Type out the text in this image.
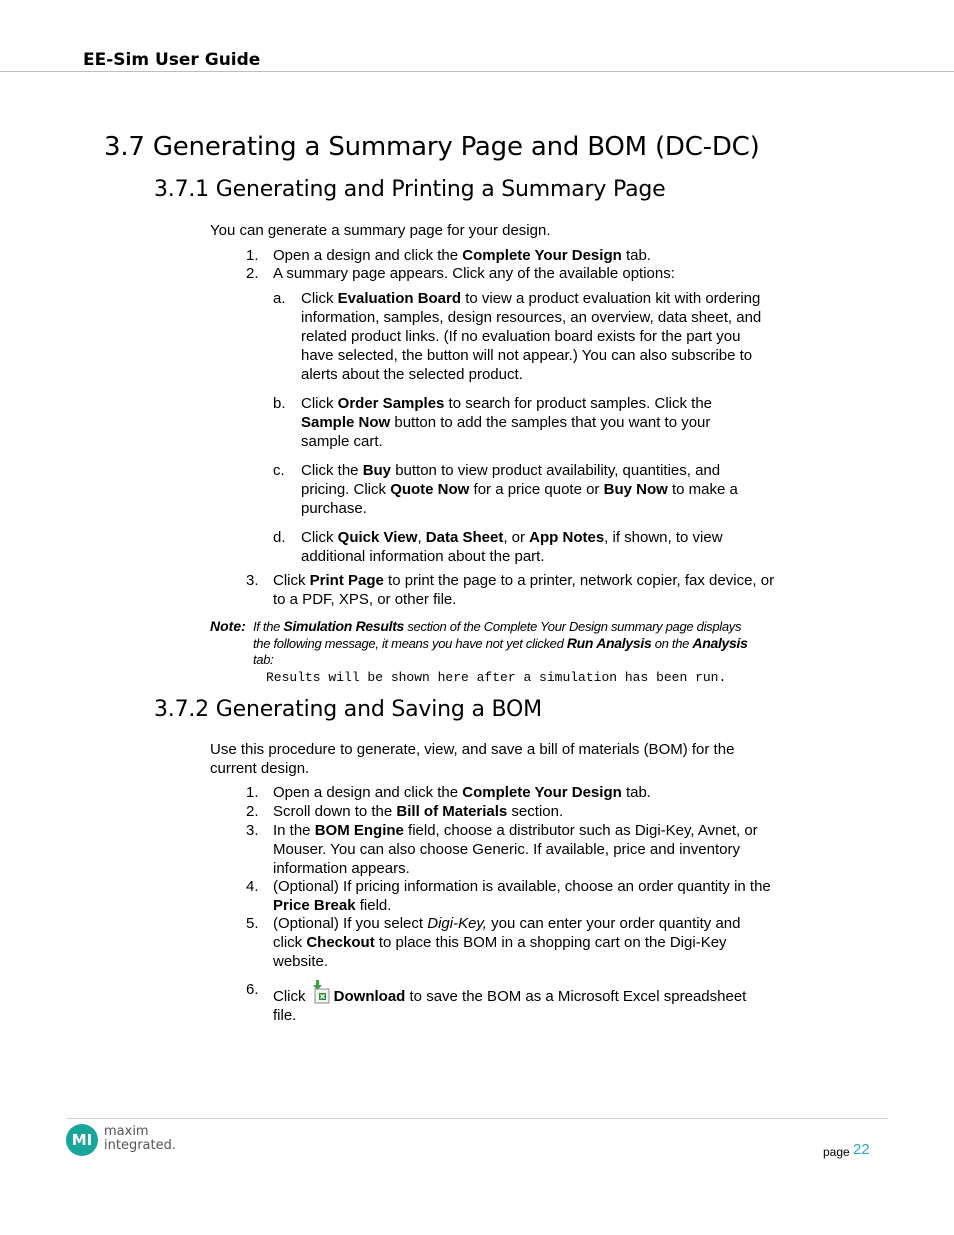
EE-Sim User Guide
3.7 Generating a Summary Page and BOM (DC-DC)
3.7.1 Generating and Printing a Summary Page
You can generate a summary page for your design.
1. Open a design and click the Complete Your Design tab.
2. A summary page appears. Click any of the available options:
a. Click Evaluation Board to view a product evaluation kit with ordering information, samples, design resources, an overview, data sheet, and related product links. (If no evaluation board exists for the part you have selected, the button will not appear.) You can also subscribe to alerts about the selected product.
b. Click Order Samples to search for product samples. Click the Sample Now button to add the samples that you want to your sample cart.
c. Click the Buy button to view product availability, quantities, and pricing. Click Quote Now for a price quote or Buy Now to make a purchase.
d. Click Quick View, Data Sheet, or App Notes, if shown, to view additional information about the part.
3. Click Print Page to print the page to a printer, network copier, fax device, or to a PDF, XPS, or other file.
Note: If the Simulation Results section of the Complete Your Design summary page displays the following message, it means you have not yet clicked Run Analysis on the Analysis tab:
Results will be shown here after a simulation has been run.
3.7.2 Generating and Saving a BOM
Use this procedure to generate, view, and save a bill of materials (BOM) for the current design.
1. Open a design and click the Complete Your Design tab.
2. Scroll down to the Bill of Materials section.
3. In the BOM Engine field, choose a distributor such as Digi-Key, Avnet, or Mouser. You can also choose Generic. If available, price and inventory information appears.
4. (Optional) If pricing information is available, choose an order quantity in the Price Break field.
5. (Optional) If you select Digi-Key, you can enter your order quantity and click Checkout to place this BOM in a shopping cart on the Digi-Key website.
6. Click Download to save the BOM as a Microsoft Excel spreadsheet file.
MI maxim
integrated.	page 22
